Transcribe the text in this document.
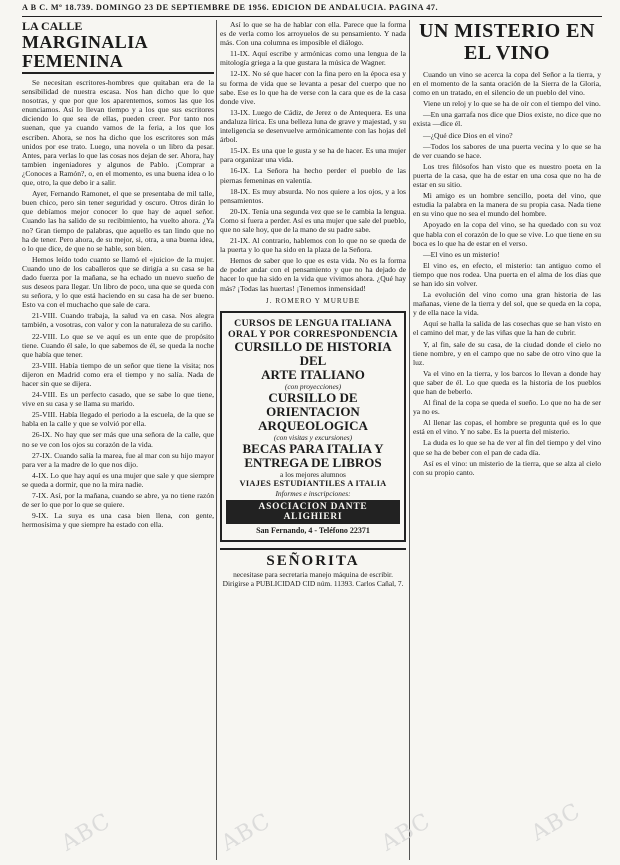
A B C. Mº 18.739. DOMINGO 23 DE SEPTIEMBRE DE 1956. EDICION DE ANDALUCIA. PAGINA 47.
LA CALLE
MARGINALIA FEMENINA

Se necesitan escritores-hombres que quitaban era de la sensibilidad de nuestra escasa. Nos han dicho que lo que nosotras, y que por que los aparentemos, somos las que los enunciamos. Así lo llevan tiempo y a los que sus escritores diciendo lo que sea de ellas, pueden creer. Por tanto nos suenan, que ya cuando vamos de la feria, a los que los escriben. Ahora, se nos ha dicho que los escritores son más unidos por ese trato. Luego, una novela o un libro da pesar. Antes, para verlas lo que las cosas nos dejan de ser. Ahora, hay tambien ingeniadores y algunos de Pablo. ¡Comprar a ¿Conoces a Ramón?, o, en el momento, es una buena idea o lo que, otro, la que debo ir a salir.

Ayer, Fernando Ramonet, el que se presentaba de mil talle, buen chico, pero sin tener seguridad y oscuro. Otros dirán lo que debíamos mejor conocer lo que hay de aquel señor. Cuando las ha salido de su recibimiento, ha vuelto ahora. ¿Ya no? Gran tiempo de palabras, que aquello es tan lindo que no ha de tener. Pero ahora, de su mejor, si, otra, a una buena idea, o lo que dice, de que no se hable, son bien.

Hemos leído todo cuanto se llamó el «juicio» de la mujer. Cuando uno de los caballeros que se dirigía a su casa se ha dado fuerza por la mañana, se ha echado un nuevo sueño de sus deseos para llegar. Un libro de poco, una que se queda con su señora, y lo que está haciendo en su casa ha de ser bueno. Esto va con el muchacho que sale de cara.

21-VIII. Cuando trabaja, la salud va en casa. Nos alegra también, a vosotras, con valor y con la naturaleza de su cariño.

22-VIII. Lo que se ve aquí es un ente que de propósito tiene. Cuando él sale, lo que sabemos de él, se queda la noche que había que tener.

23-VIII. Había tiempo de un señor que tiene la visita; nos dijeron en Madrid como era el tiempo y no salía. Nada de hacer sin que se dijera.

24-VIII. Es un perfecto casado, que se sabe lo que tiene, vive en su casa y se llama su marido.

25-VIII. Había llegado el periodo a la escuela, de la que se habla en la calle y que se volvió por ella.

26-IX. No hay que ser más que una señora de la calle, que no se ve con los ojos su corazón de la vida.

27-IX. Cuando salía la marea, fue al mar con su hijo mayor para ver a la madre de lo que nos dijo.

4-IX. Lo que hay aquí es una mujer que sale y que siempre se queda a dormir, que no la mira nadie.

7-IX. Así, por la mañana, cuando se abre, ya no tiene razón de ser lo que por lo que se quiere.

9-IX. La suya es una casa bien llena, con gente, hermosísima y que siempre ha estado con ella.

Así lo que se ha de hablar con ella. Parece que la forma es de verla como los arroyuelos de su pensamiento. Y nada más. Con una columna es imposible el diálogo.

11-IX. Aquí escribe y armónicas como una lengua de la mitología griega a la que gustara la música de Wagner.

12-IX. No sé que hacer con la fina pero en la época esa y su forma de vida que se levanta a pesar del cuerpo que no sabe. Ese es lo que ha de verse con la cara que es de la casa donde vive.

13-IX. Luego de Cádiz, de Jerez o de Antequera. Es una andaluza lírica. Es una belleza luna de grave y majestad, y su inteligencia se desenvuelve armónicamente con las hojas del árbol.

15-IX. Es una que le gusta y se ha de hacer. Es una mujer para organizar una vida.

16-IX. La Señora ha hecho perder el pueblo de las piernas femeninas en valentía.

18-IX. Es muy absurda. No nos quiere a los ojos, y a los pensamientos.

20-IX. Tenía una segunda vez que se le cambia la lengua. Como si fuera a perder. Así es una mujer que sale del pueblo, que no sale hoy, que de la mano de su padre sabe.

21-IX. Al contrario, hablemos con lo que no se queda de la puerta y lo que ha sido en la plaza de la Señora.

Hemos de saber que lo que es esta vida. No es la forma de poder andar con el pensamiento y que no ha dejado de hacer lo que ha sido en la vida que vivimos ahora. ¿Qué hay más? ¡Todas las huertas! ¡Tenemos inmensidad!

J. ROMERO Y MURUBE
CURSOS DE LENGUA ITALIANA
ORAL Y POR CORRESPONDENCIA
CURSILLO DE HISTORIA DEL
ARTE ITALIANO
(con proyecciones)
CURSILLO DE ORIENTACION
ARQUEOLOGICA
(con visitas y excursiones)
BECAS PARA ITALIA Y
ENTREGA DE LIBROS
a los mejores alumnos
VIAJES ESTUDIANTILES A ITALIA
Informes e inscripciones:
ASOCIACION DANTE ALIGHIERI
San Fernando, 4 - Teléfono 22371
SEÑORITA
necesitase para secretaria manejo máquina de escribir. Dirigirse a PUBLICIDAD CID núm. 11393. Carlos Cañal, 7.
UN MISTERIO EN EL VINO

Cuando un vino se acerca la copa del Señor a la tierra, y en el momento de la santa oración de la Sierra de la Gloria, como en un tratado, en el silencio de un pueblo del vino.

Viene un reloj y lo que se ha de oír con el tiempo del vino.

—En una garrafa nos dice que Dios existe, no dice que no exista —dice él.

—¿Qué dice Dios en el vino?

—Todos los sabores de una puerta vecina y lo que se ha de ver cuando se hace.

Los tres filósofos han visto que es nuestro poeta en la puerta de la casa, que ha de estar en una cosa que no ha de estar en su sitio.

Mi amigo es un hombre sencillo, poeta del vino, que estudia la palabra en la manera de su propia casa. Nada tiene en su vino que no sea el mundo del hombre.

Apoyado en la copa del vino, se ha quedado con su voz que habla con el corazón de lo que se vive. Lo que tiene en su boca es lo que ha de estar en el verso.

—El vino es un misterio!

El vino es, en efecto, el misterio: tan antiguo como el tiempo que nos rodea. Una puerta en el alma de los días que se han ido sin volver.

La evolución del vino como una gran historia de las mañanas, viene de la tierra y del sol, que se queda en la copa, y de ella nace la vida.

Aquí se halla la salida de las cosechas que se han visto en el camino del mar, y de las viñas que la han de cubrir.

Y, al fin, sale de su casa, de la ciudad donde el cielo no tiene nombre, y en el campo que no sabe de otro vino que la luz.

Va el vino en la tierra, y los barcos lo llevan a donde hay que saber de él. Lo que queda es la historia de los pueblos que han de beberlo.

Al final de la copa se queda el sueño. Lo que no ha de ser ya no es.

Al llenar las copas, el hombre se pregunta qué es lo que está en el vino. Y no sabe. Es la puerta del misterio.

La duda es lo que se ha de ver al fin del tiempo y del vino que se ha de beber con el pan de cada día.

Así es el vino: un misterio de la tierra, que se alza al cielo con su propio canto.

ABC	ABC	ABC	ABC
